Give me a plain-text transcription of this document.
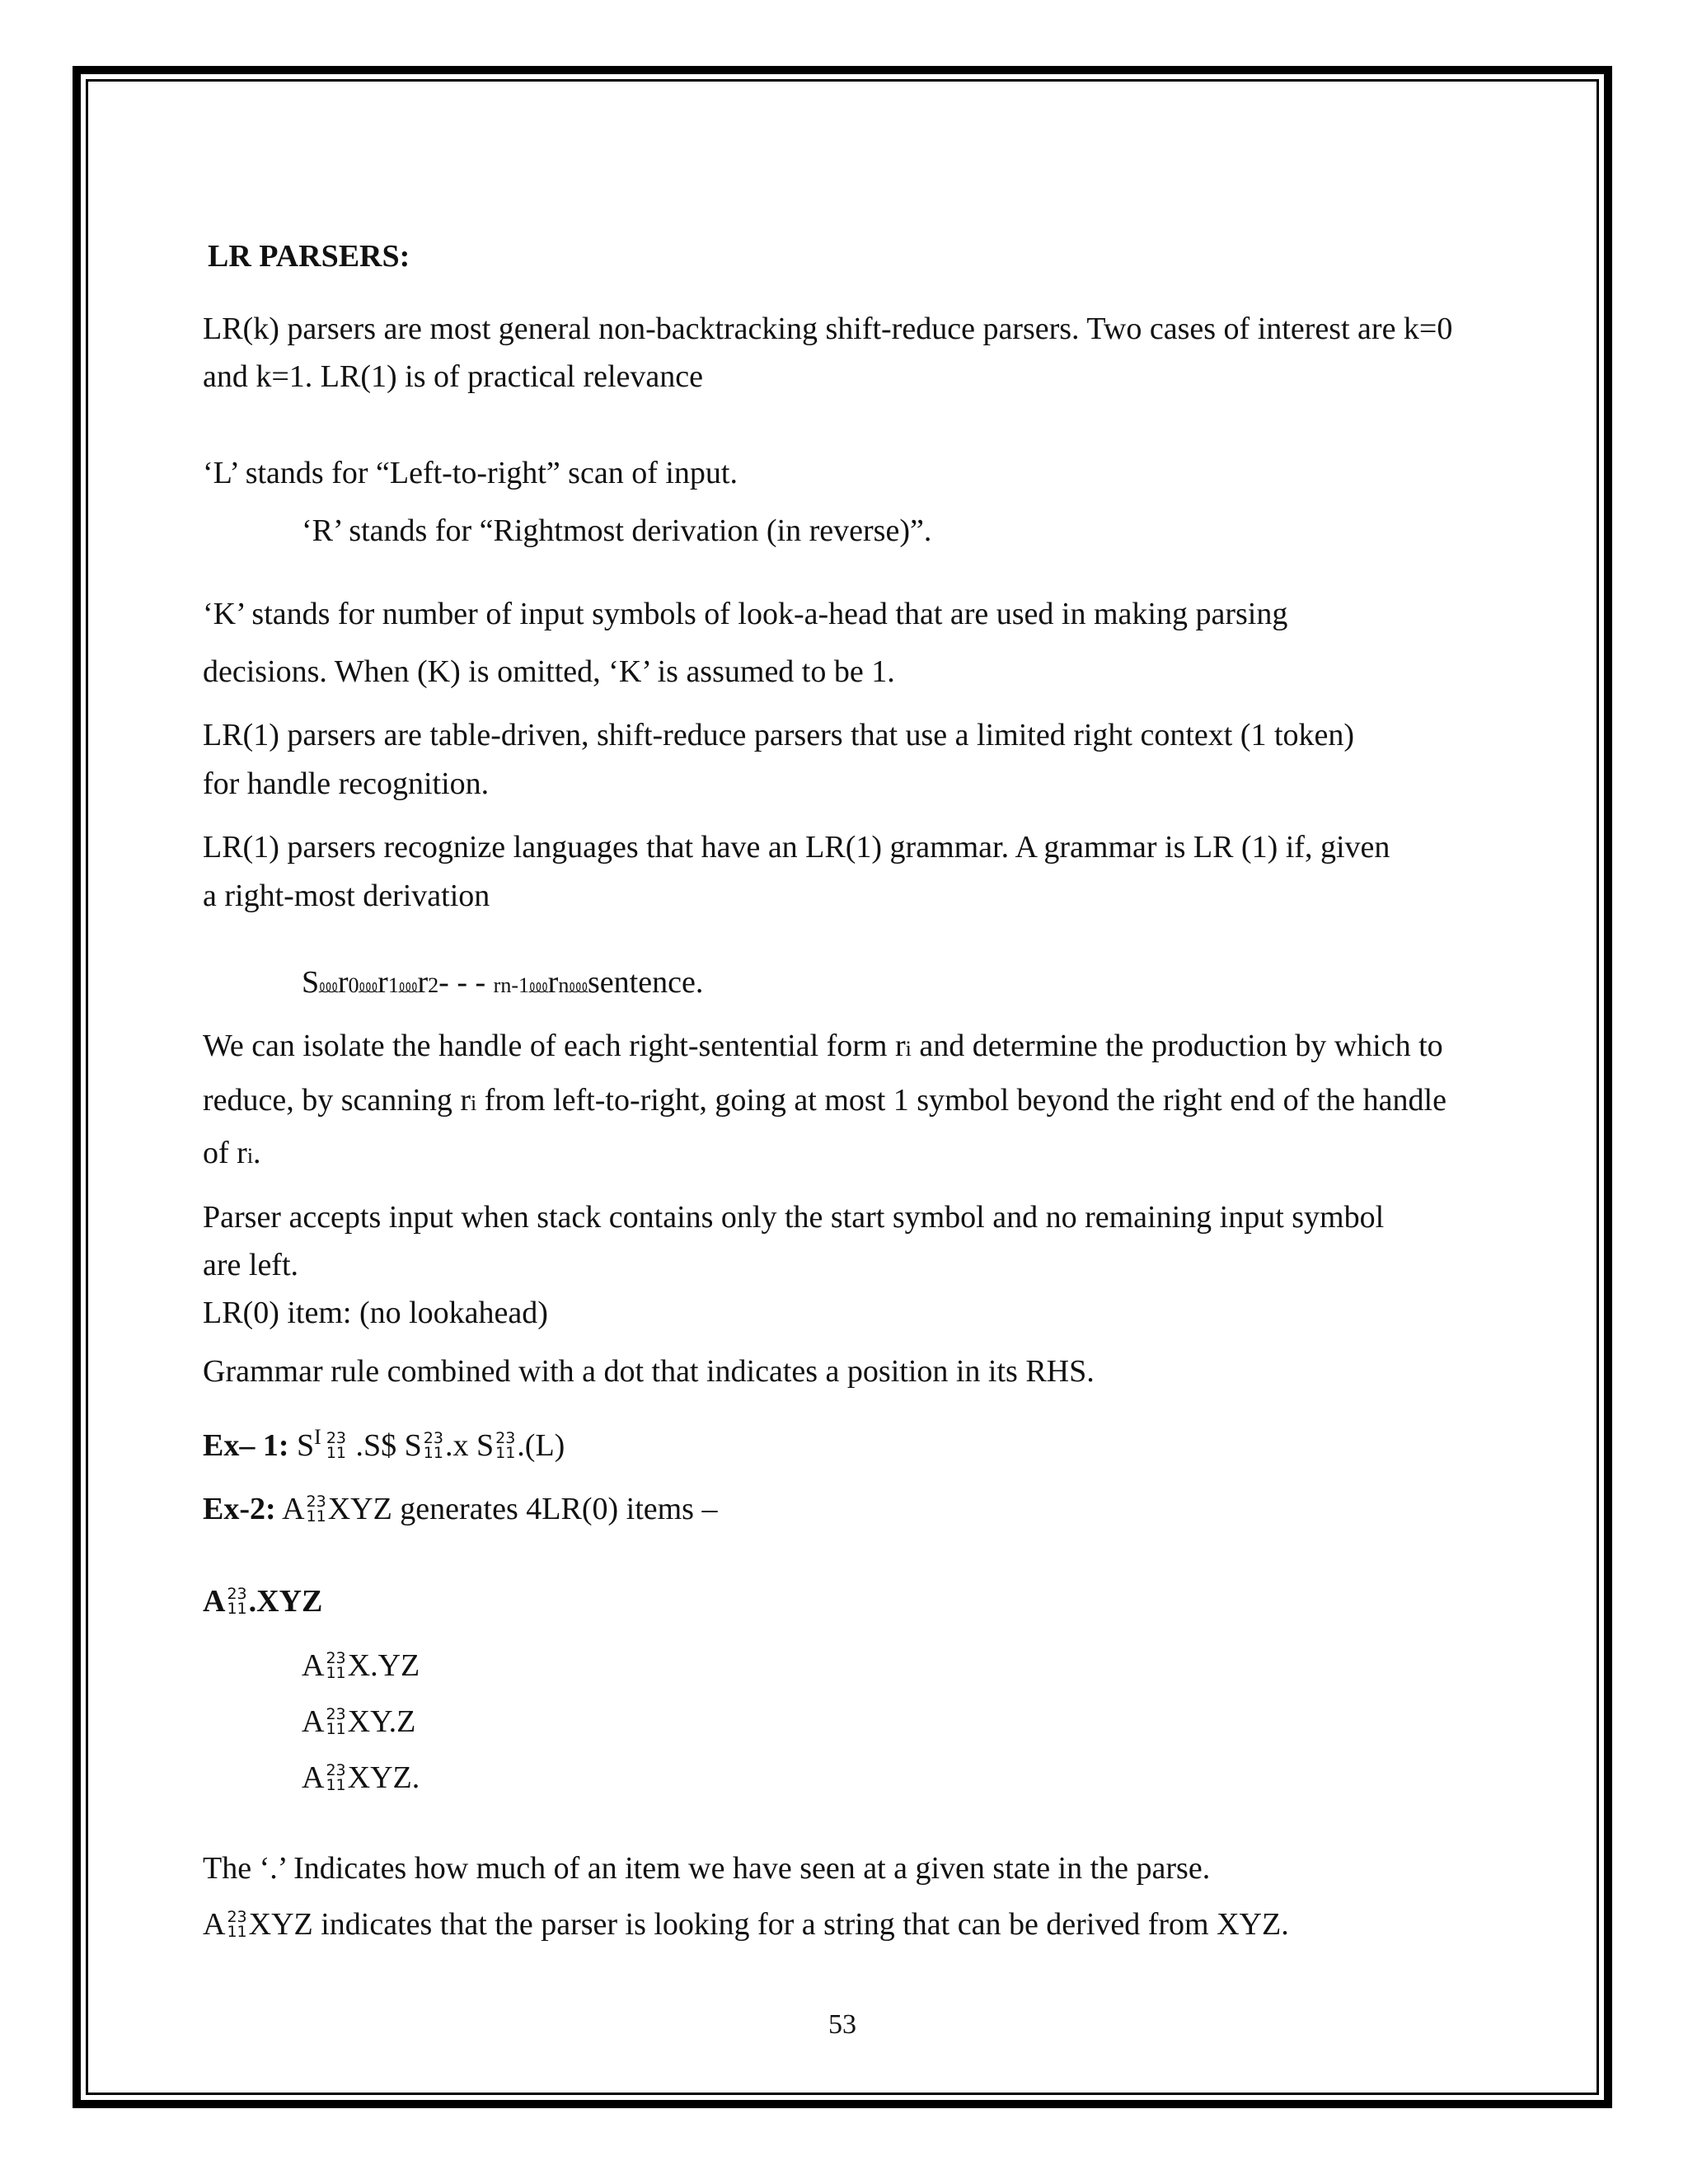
LR PARSERS:
LR(k) parsers are most general non-backtracking shift-reduce parsers. Two cases of interest are k=0
and k=1. LR(1) is of practical relevance
‘L’ stands for “Left-to-right” scan of input.
‘R’ stands for “Rightmost derivation (in reverse)”.
‘K’ stands for number of input symbols of look-a-head that are used in making parsing
decisions. When (K) is omitted, ‘K’ is assumed to be 1.
LR(1) parsers are table-driven, shift-reduce parsers that use a limited right context (1 token)
for handle recognition.
LR(1) parsers recognize languages that have an LR(1) grammar. A grammar is LR (1) if, given
a right-most derivation
S⅏r0⅏r1⅏r2- - - rn-1⅏rn⅏sentence.
We can isolate the handle of each right-sentential form ri and determine the production by which to
reduce, by scanning ri from left-to-right, going at most 1 symbol beyond the right end of the handle
of ri.
Parser accepts input when stack contains only the start symbol and no remaining input symbol
are left.
LR(0) item: (no lookahead)
Grammar rule combined with a dot that indicates a position in its RHS.
Ex– 1: $S^I$ 23
11 .S$ S 23
11.x S 23
11.(L)
Ex-2: A 23
11XYZ generates 4LR(0) items –
A 23
11.XYZ
A 23
11X.YZ
A 23
11XY.Z
A 23
11XYZ.
The ‘.’ Indicates how much of an item we have seen at a given state in the parse.
A 23
11XYZ indicates that the parser is looking for a string that can be derived from XYZ.
53
